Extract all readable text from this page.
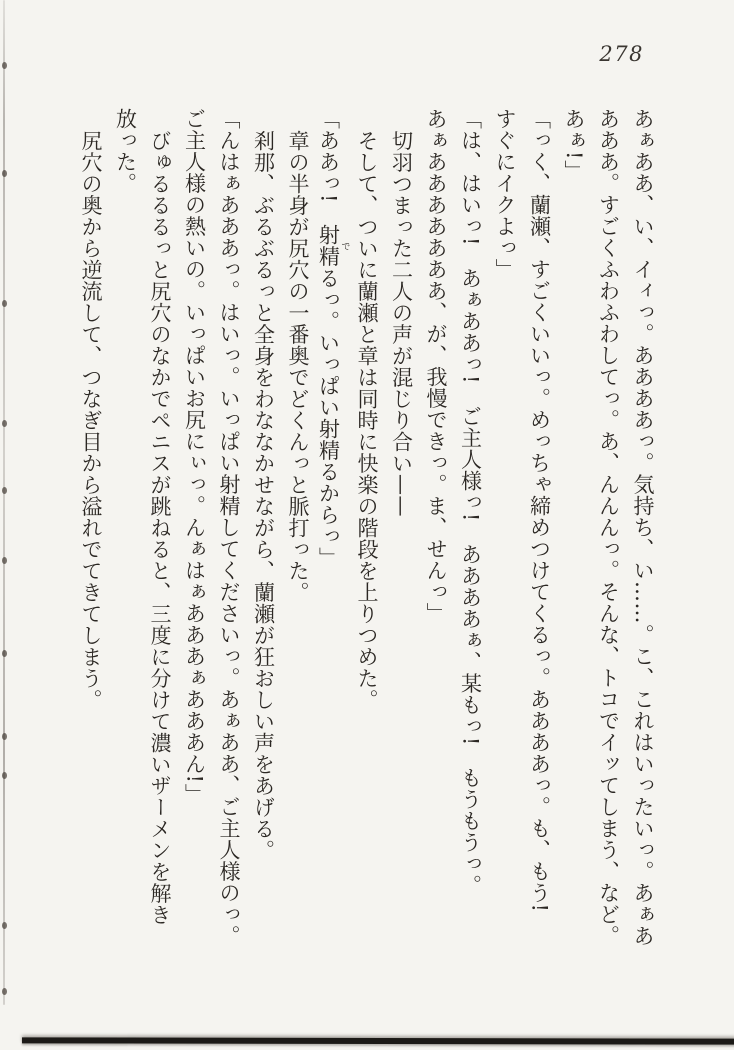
278
あぁああ、い、イィっ。ああああっ。気持ち、い……。こ、これはいったいっ。あぁあ
あああ。すごくふわふわしてっ。あ、んんんっ。そんな、トコでイッてしまう、など。
あぁ!」
「っく、蘭瀬、すごくいいっ。めっちゃ締めつけてくるっ。ああああっ。も、もう!
すぐにイクよっ」
「は、はいっ!　あぁああっ!　ご主人様っ!　ああああぁ、某もっ!　もうもうっ。
あぁあああああああ、が、我慢できっ。ま、せんっ」
切羽つまった二人の声が混じり合い——
そして、ついに蘭瀬と章は同時に快楽の階段を上りつめた。
「ああっ!　射精 でるっ。いっぱい射精るからっ」
章の半身が尻穴の一番奥でどくんっと脈打った。
刹那、ぶるぶるっと全身をわななかせながら、蘭瀬が狂おしい声をあげる。
「んはぁあああっ。はいっ。いっぱい射精してくださいっ。あぁああ、ご主人様のっ。
ご主人様の熱いの。いっぱいお尻にぃっ。んぁはぁあああぁあああん!」
びゅるるるっと尻穴のなかでペニスが跳ねると、三度に分けて濃いザーメンを解き
放った。
尻穴の奥から逆流して、つなぎ目から溢れでてきてしまう。
